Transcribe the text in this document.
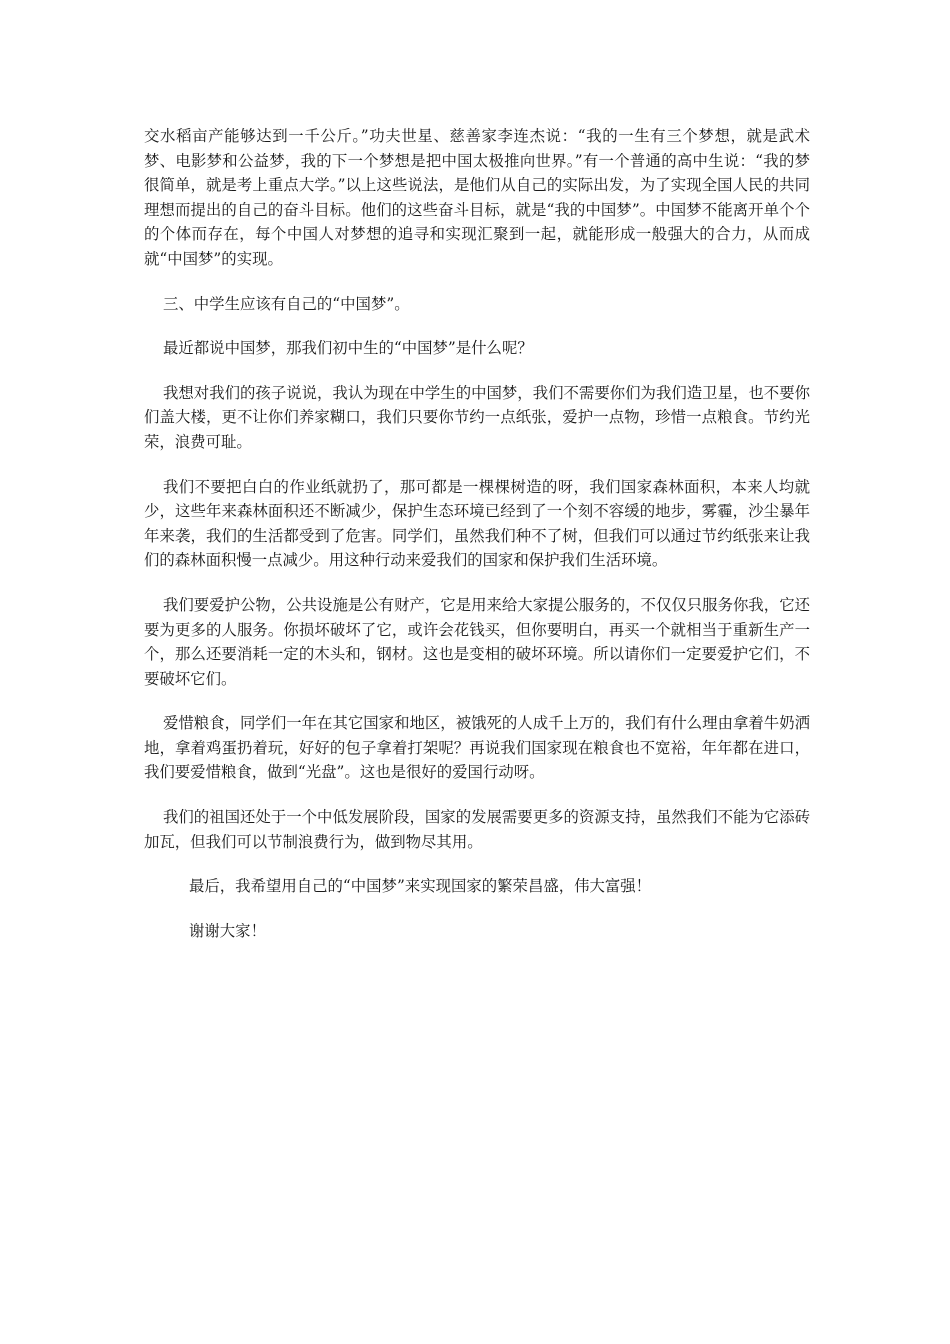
交水稻亩产能够达到一千公斤。”功夫世星、慈善家李连杰说：“我的一生有三个梦想，就是武术梦、电影梦和公益梦，我的下一个梦想是把中国太极推向世界。”有一个普通的高中生说：“我的梦很简单，就是考上重点大学。”以上这些说法，是他们从自己的实际出发，为了实现全国人民的共同理想而提出的自己的奋斗目标。他们的这些奋斗目标，就是“我的中国梦”。中国梦不能离开单个个的个体而存在，每个中国人对梦想的追寻和实现汇聚到一起，就能形成一般强大的合力，从而成就“中国梦”的实现。

三、中学生应该有自己的“中国梦”。

最近都说中国梦，那我们初中生的“中国梦”是什么呢？

我想对我们的孩子说说，我认为现在中学生的中国梦，我们不需要你们为我们造卫星，也不要你们盖大楼，更不让你们养家糊口，我们只要你节约一点纸张，爱护一点物，珍惜一点粮食。节约光荣，浪费可耻。

我们不要把白白的作业纸就扔了，那可都是一棵棵树造的呀，我们国家森林面积，本来人均就少，这些年来森林面积还不断减少，保护生态环境已经到了一个刻不容缓的地步，雾霾，沙尘暴年年来袭，我们的生活都受到了危害。同学们，虽然我们种不了树，但我们可以通过节约纸张来让我们的森林面积慢一点减少。用这种行动来爱我们的国家和保护我们生活环境。

我们要爱护公物，公共设施是公有财产，它是用来给大家提公服务的，不仅仅只服务你我，它还要为更多的人服务。你损坏破坏了它，或许会花钱买，但你要明白，再买一个就相当于重新生产一个，那么还要消耗一定的木头和，钢材。这也是变相的破坏环境。所以请你们一定要爱护它们，不要破坏它们。

爱惜粮食，同学们一年在其它国家和地区，被饿死的人成千上万的，我们有什么理由拿着牛奶洒地，拿着鸡蛋扔着玩，好好的包子拿着打架呢？再说我们国家现在粮食也不宽裕，年年都在进口，我们要爱惜粮食，做到“光盘”。这也是很好的爱国行动呀。

我们的祖国还处于一个中低发展阶段，国家的发展需要更多的资源支持，虽然我们不能为它添砖加瓦，但我们可以节制浪费行为，做到物尽其用。

最后，我希望用自己的“中国梦”来实现国家的繁荣昌盛，伟大富强！

谢谢大家！
